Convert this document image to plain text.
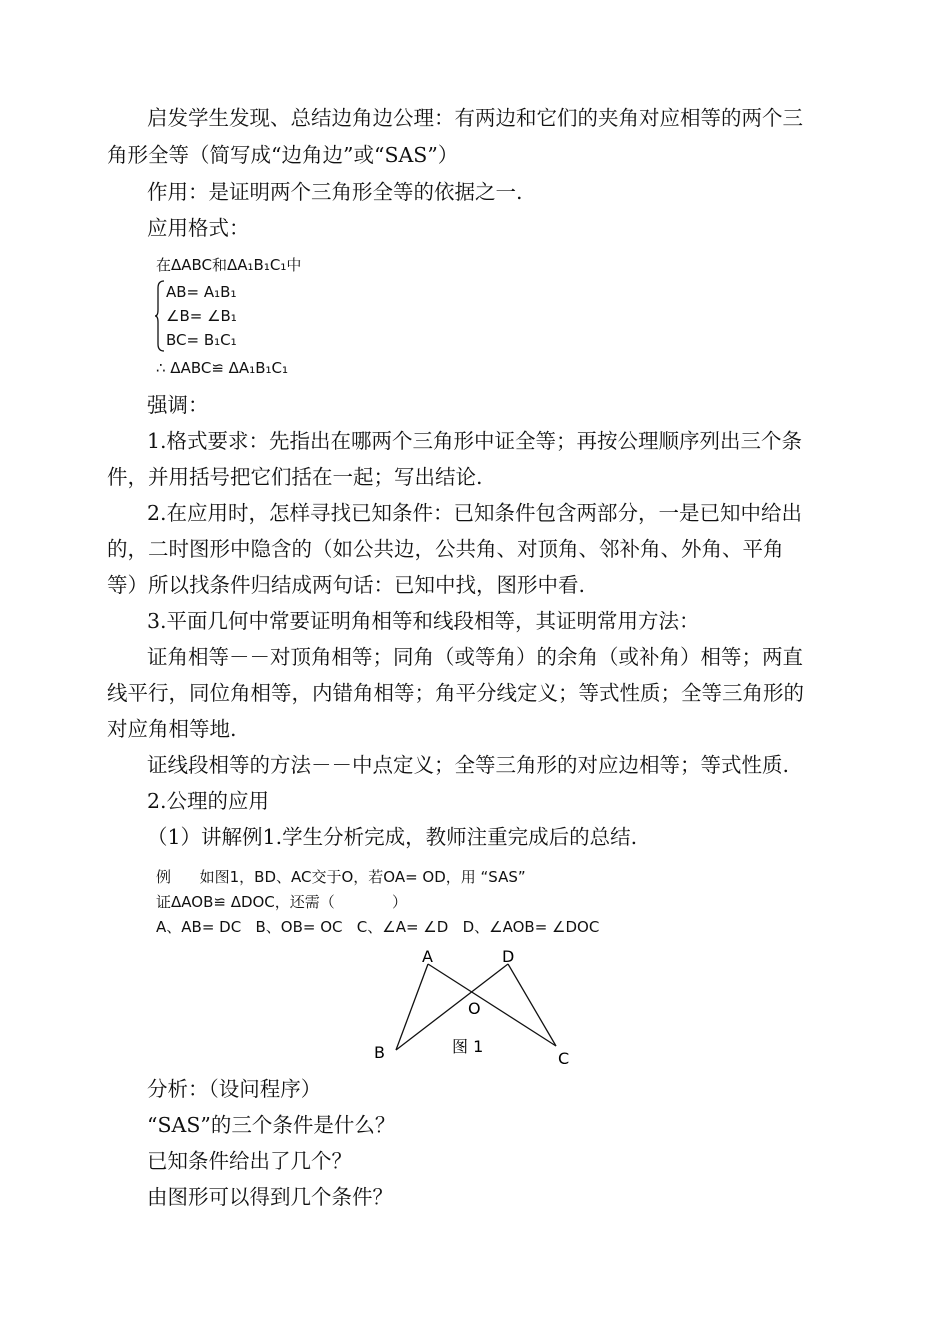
启发学生发现、总结边角边公理：有两边和它们的夹角对应相等的两个三
角形全等（简写成“边角边”或“SAS”）
作用：是证明两个三角形全等的依据之一.
应用格式：
在ΔABC和ΔA₁B₁C₁中
AB= A₁B₁
∠B= ∠B₁
BC= B₁C₁
∴ ΔABC≌ ΔA₁B₁C₁
强调：
1.格式要求：先指出在哪两个三角形中证全等；再按公理顺序列出三个条
件，并用括号把它们括在一起；写出结论.
2.在应用时，怎样寻找已知条件：已知条件包含两部分，一是已知中给出
的，二时图形中隐含的（如公共边，公共角、对顶角、邻补角、外角、平角
等）所以找条件归结成两句话：已知中找，图形中看.
3.平面几何中常要证明角相等和线段相等，其证明常用方法：
证角相等－－对顶角相等；同角（或等角）的余角（或补角）相等；两直
线平行，同位角相等，内错角相等；角平分线定义；等式性质；全等三角形的
对应角相等地.
证线段相等的方法－－中点定义；全等三角形的对应边相等；等式性质.
2.公理的应用
（1）讲解例1.学生分析完成，教师注重完成后的总结.
例      如图1，BD、AC交于O，若OA= OD，用 “SAS”
证ΔAOB≌ ΔDOC，还需（            ）
A、AB= DC   B、OB= OC   C、∠A= ∠D   D、∠AOB= ∠DOC
A	D
O
B	C
图 1
分析：（设问程序）
“SAS”的三个条件是什么？
已知条件给出了几个？
由图形可以得到几个条件？
